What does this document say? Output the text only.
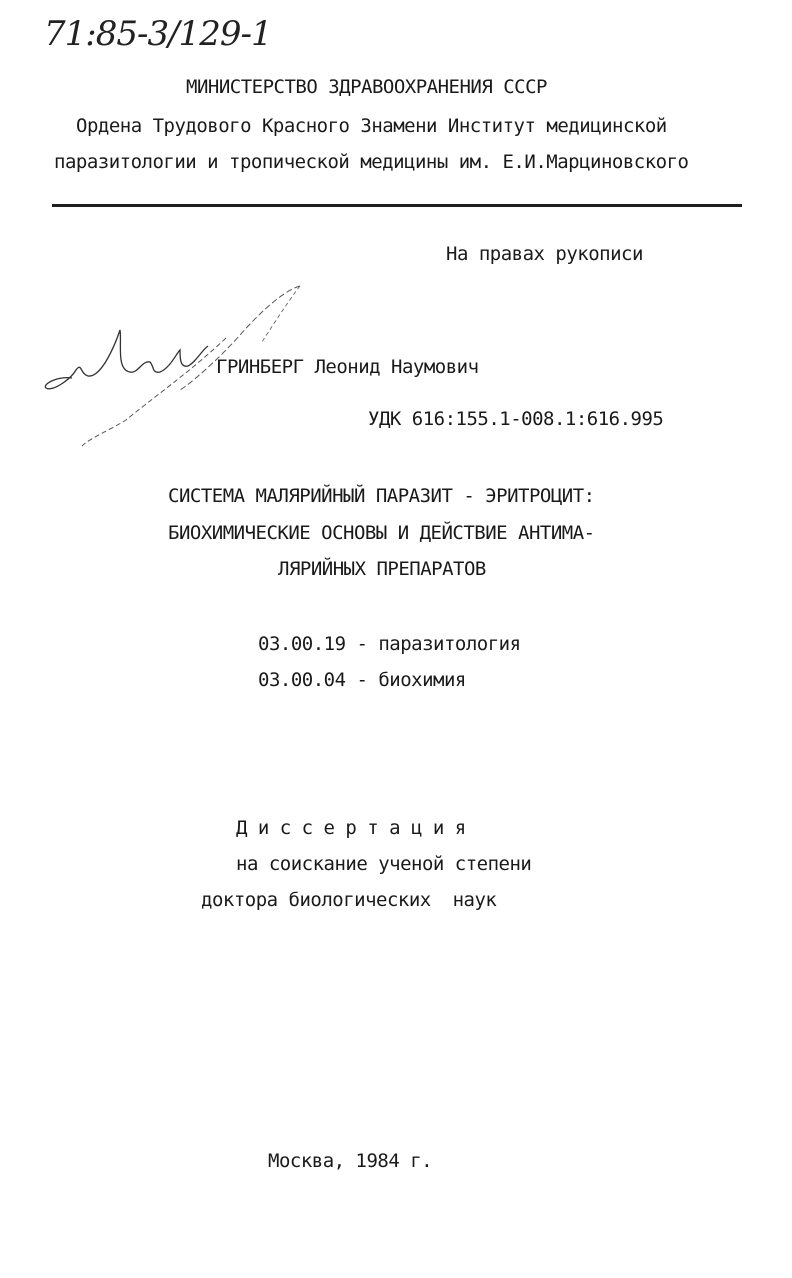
71:85-3/129-1
МИНИСТЕРСТВО ЗДРАВООХРАНЕНИЯ СССР
Ордена Трудового Красного Знамени Институт медицинской
паразитологии и тропической медицины им. Е.И.Марциновского
На правах рукописи
ГРИНБЕРГ Леонид Наумович
УДК 616:155.1-008.1:616.995
СИСТЕМА МАЛЯРИЙНЫЙ ПАРАЗИТ - ЭРИТРОЦИТ:
БИОХИМИЧЕСКИЕ ОСНОВЫ И ДЕЙСТВИЕ АНТИМА-
ЛЯРИЙНЫХ ПРЕПАРАТОВ
03.00.19 - паразитология
03.00.04 - биохимия
Д и с с е р т а ц и я
на соискание ученой степени
доктора биологических  наук
Москва, 1984 г.
